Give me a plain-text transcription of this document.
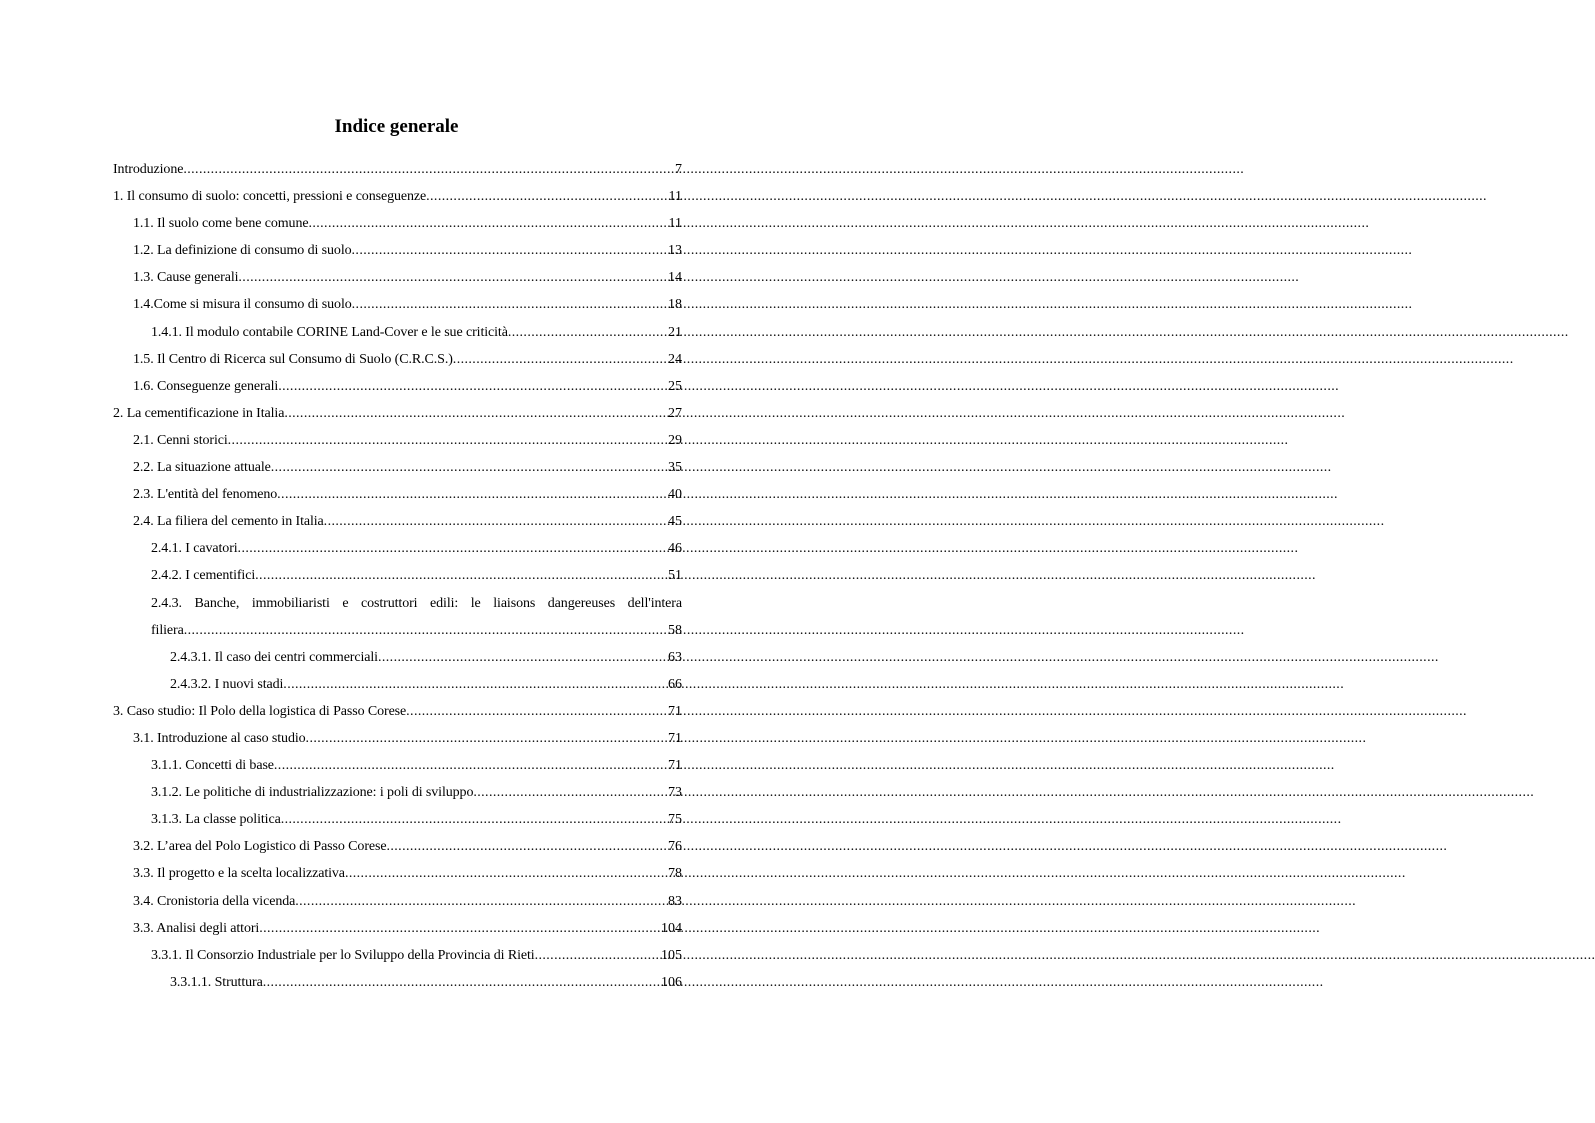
Indice generale
Introduzione .....	7
1. Il consumo di suolo: concetti, pressioni e conseguenze .....	11
1.1. Il suolo come bene comune .....	11
1.2. La definizione di consumo di suolo .....	13
1.3. Cause generali .....	14
1.4.Come si misura il consumo di suolo .....	18
1.4.1. Il modulo contabile CORINE Land-Cover e le sue criticità .....	21
1.5. Il Centro di Ricerca sul Consumo di Suolo (C.R.C.S.) .....	24
1.6. Conseguenze generali .....	25
2. La cementificazione in Italia .....	27
2.1. Cenni storici .....	29
2.2. La situazione attuale .....	35
2.3. L'entità del fenomeno .....	40
2.4. La filiera del cemento in Italia .....	45
2.4.1. I cavatori .....	46
2.4.2. I cementifici .....	51
2.4.3. Banche, immobiliaristi e costruttori edili: le liaisons dangereuses dell'intera
filiera .....	58
2.4.3.1. Il caso dei centri commerciali .....	63
2.4.3.2. I nuovi stadi .....	66
3. Caso studio: Il Polo della logistica di Passo Corese .....	71
3.1. Introduzione al caso studio .....	71
3.1.1. Concetti di base .....	71
3.1.2. Le politiche di industrializzazione: i poli di sviluppo .....	73
3.1.3. La classe politica .....	75
3.2. L’area del Polo Logistico di Passo Corese .....	76
3.3. Il progetto e la scelta localizzativa .....	78
3.4. Cronistoria della vicenda .....	83
3.3. Analisi degli attori .....	104
3.3.1. Il Consorzio Industriale per lo Sviluppo della Provincia di Rieti .....	105
3.3.1.1. Struttura .....	106
